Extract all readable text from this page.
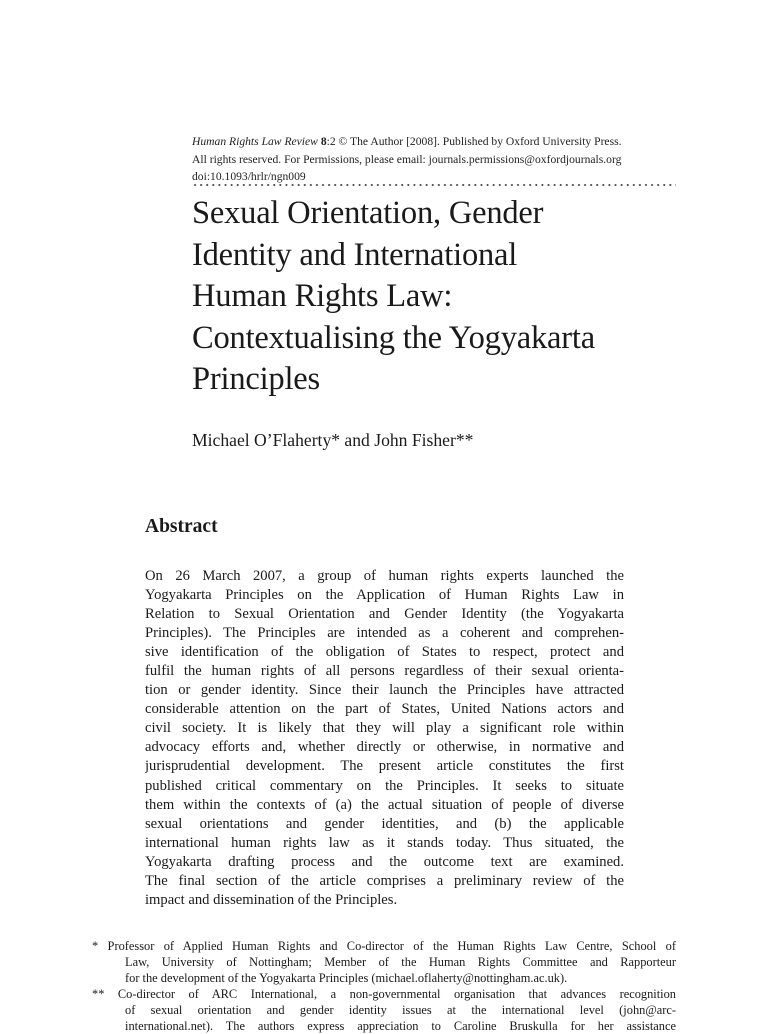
Human Rights Law Review 8:2 © The Author [2008]. Published by Oxford University Press.
All rights reserved. For Permissions, please email: journals.permissions@oxfordjournals.org
doi:10.1093/hrlr/ngn009
Sexual Orientation, Gender
Identity and International
Human Rights Law:
Contextualising the Yogyakarta
Principles
Michael O’Flaherty* and John Fisher**
Abstract
On 26 March 2007, a group of human rights experts launched the
Yogyakarta Principles on the Application of Human Rights Law in
Relation to Sexual Orientation and Gender Identity (the Yogyakarta
Principles). The Principles are intended as a coherent and comprehen-
sive identification of the obligation of States to respect, protect and
fulfil the human rights of all persons regardless of their sexual orienta-
tion or gender identity. Since their launch the Principles have attracted
considerable attention on the part of States, United Nations actors and
civil society. It is likely that they will play a significant role within
advocacy efforts and, whether directly or otherwise, in normative and
jurisprudential development. The present article constitutes the first
published critical commentary on the Principles. It seeks to situate
them within the contexts of (a) the actual situation of people of diverse
sexual orientations and gender identities, and (b) the applicable
international human rights law as it stands today. Thus situated, the
Yogyakarta drafting process and the outcome text are examined.
The final section of the article comprises a preliminary review of the
impact and dissemination of the Principles.
* Professor of Applied Human Rights and Co-director of the Human Rights Law Centre, School of
Law, University of Nottingham; Member of the Human Rights Committee and Rapporteur
for the development of the Yogyakarta Principles (michael.oflaherty@nottingham.ac.uk).
** Co-director of ARC International, a non-governmental organisation that advances recognition
of sexual orientation and gender identity issues at the international level (john@arc-
international.net). The authors express appreciation to Caroline Bruskulla for her assistance
